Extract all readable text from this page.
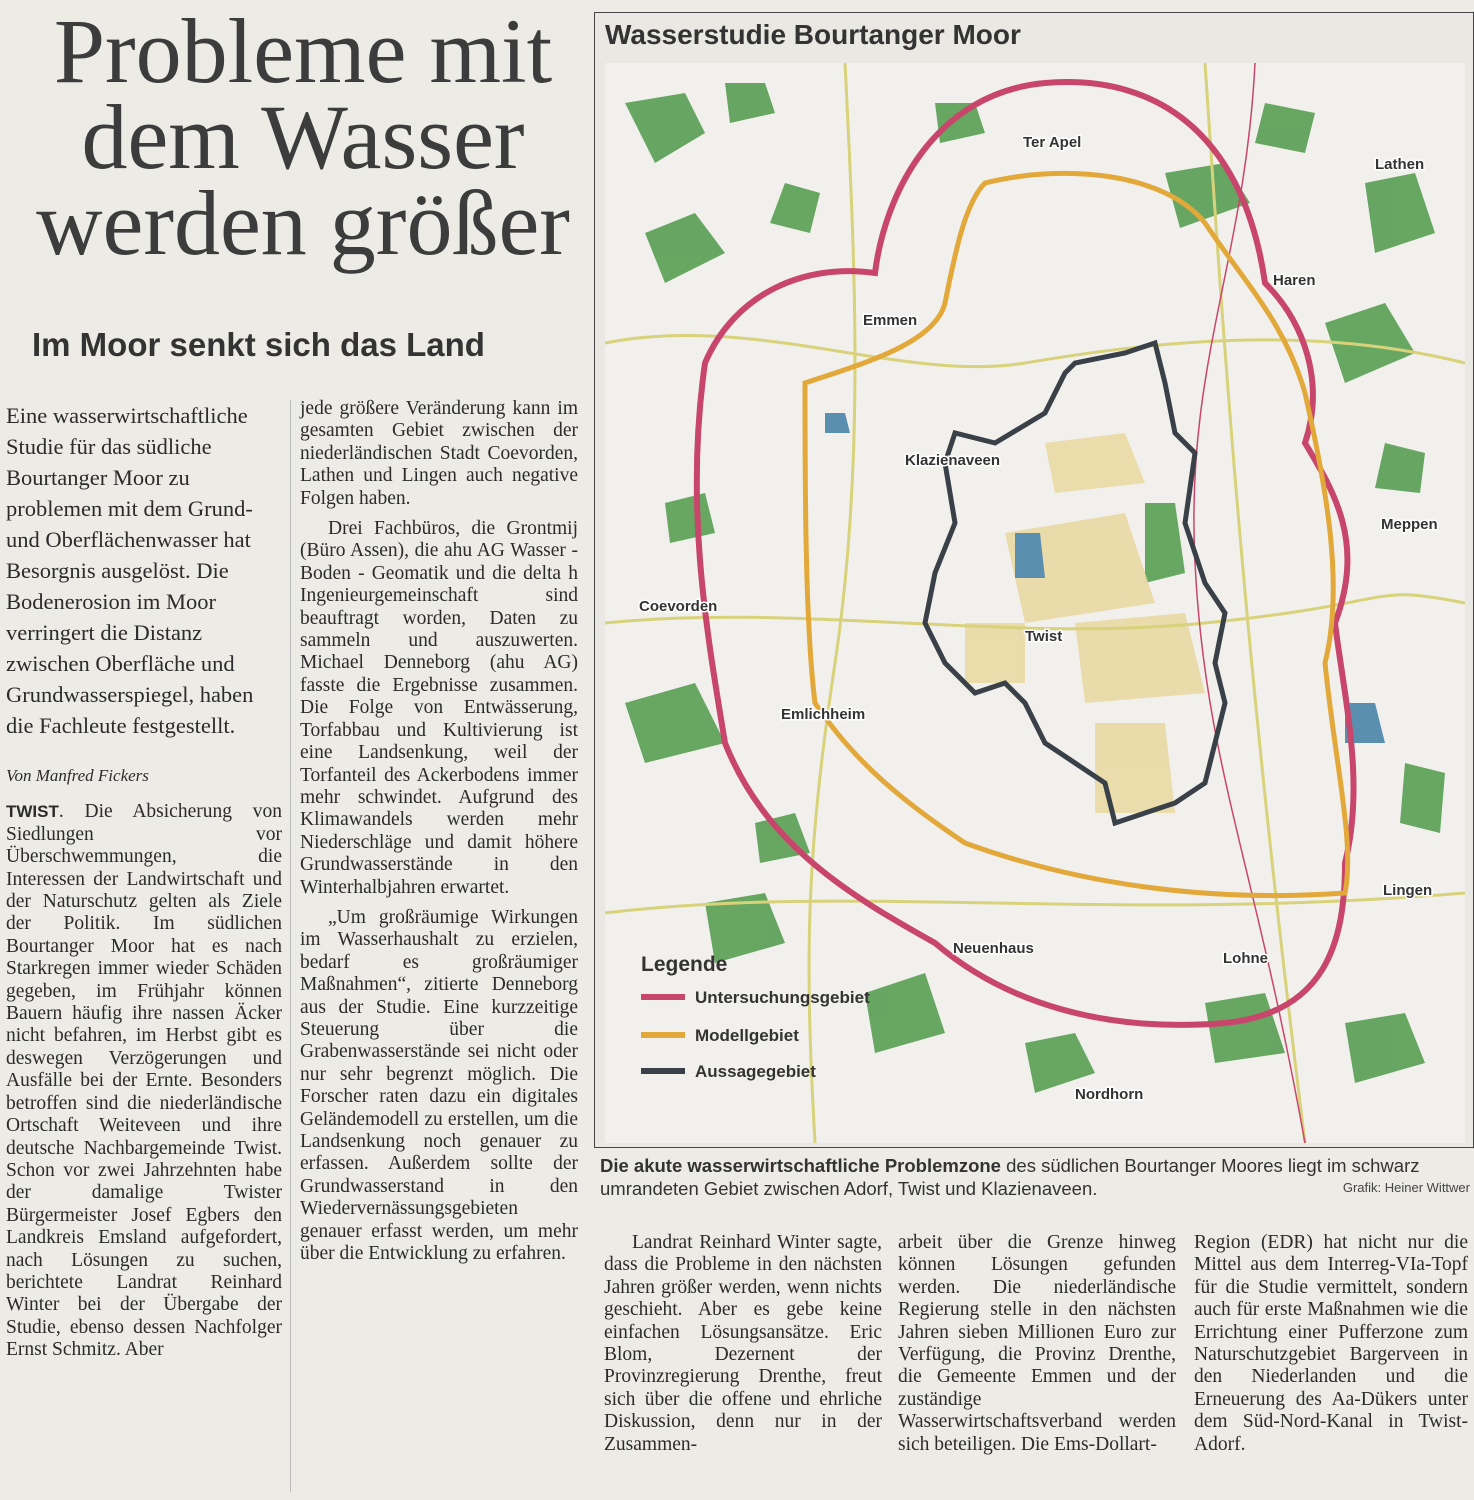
Probleme mit
dem Wasser
werden größer
Im Moor senkt sich das Land

Eine wasserwirtschaftliche Studie für das südliche Bourtanger Moor zu problemen mit dem Grund- und Oberflächenwasser hat Besorgnis ausgelöst. Die Bodenerosion im Moor verringert die Distanz zwischen Oberfläche und Grundwasserspiegel, haben die Fachleute festgestellt.

Von Manfred Fickers

TWIST. Die Absicherung von Siedlungen vor Überschwemmungen, die Interessen der Landwirtschaft und der Naturschutz gelten als Ziele der Politik. Im südlichen Bourtanger Moor hat es nach Starkregen immer wieder Schäden gegeben, im Frühjahr können Bauern häufig ihre nassen Äcker nicht befahren, im Herbst gibt es deswegen Verzögerungen und Ausfälle bei der Ernte. Besonders betroffen sind die niederländische Ortschaft Weiteveen und ihre deutsche Nachbargemeinde Twist. Schon vor zwei Jahrzehnten habe der damalige Twister Bürgermeister Josef Egbers den Landkreis Emsland aufgefordert, nach Lösungen zu suchen, berichtete Landrat Reinhard Winter bei der Übergabe der Studie, ebenso dessen Nachfolger Ernst Schmitz. Aber

jede größere Veränderung kann im gesamten Gebiet zwischen der niederländischen Stadt Coevorden, Lathen und Lingen auch negative Folgen haben.

Drei Fachbüros, die Grontmij (Büro Assen), die ahu AG Wasser - Boden - Geomatik und die delta h Ingenieurgemeinschaft sind beauftragt worden, Daten zu sammeln und auszuwerten. Michael Denneborg (ahu AG) fasste die Ergebnisse zusammen. Die Folge von Entwässerung, Torfabbau und Kultivierung ist eine Landsenkung, weil der Torfanteil des Ackerbodens immer mehr schwindet. Aufgrund des Klimawandels werden mehr Niederschläge und damit höhere Grundwasserstände in den Winterhalbjahren erwartet.

„Um großräumige Wirkungen im Wasserhaushalt zu erzielen, bedarf es großräumiger Maßnahmen“, zitierte Denneborg aus der Studie. Eine kurzzeitige Steuerung über die Grabenwasserstände sei nicht oder nur sehr begrenzt möglich. Die Forscher raten dazu ein digitales Geländemodell zu erstellen, um die Landsenkung noch genauer zu erfassen. Außerdem sollte der Grundwasserstand in den Wiedervernässungsgebieten genauer erfasst werden, um mehr über die Entwicklung zu erfahren.

Wasserstudie Bourtanger Moor
Ter Apel
Lathen
Haren
Emmen
Klazienaveen
Meppen
Coevorden
Twist
Emlichheim
Lingen
Neuenhaus
Lohne
Nordhorn
Legende
Untersuchungsgebiet
Modellgebiet
Aussagegebiet
Die akute wasserwirtschaftliche Problemzone des südlichen Bourtanger Moores liegt im schwarz umrandeten Gebiet zwischen Adorf, Twist und Klazienaveen.	Grafik: Heiner Wittwer

Landrat Reinhard Winter sagte, dass die Probleme in den nächsten Jahren größer werden, wenn nichts geschieht. Aber es gebe keine einfachen Lösungsansätze. Eric Blom, Dezernent der Provinzregierung Drenthe, freut sich über die offene und ehrliche Diskussion, denn nur in der Zusammen-

arbeit über die Grenze hinweg können Lösungen gefunden werden. Die niederländische Regierung stelle in den nächsten Jahren sieben Millionen Euro zur Verfügung, die Provinz Drenthe, die Gemeente Emmen und der zuständige Wasserwirtschaftsverband werden sich beteiligen. Die Ems-Dollart-

Region (EDR) hat nicht nur die Mittel aus dem Interreg-VIa-Topf für die Studie vermittelt, sondern auch für erste Maßnahmen wie die Errichtung einer Pufferzone zum Naturschutzgebiet Bargerveen in den Niederlanden und die Erneuerung des Aa-Dükers unter dem Süd-Nord-Kanal in Twist-Adorf.
